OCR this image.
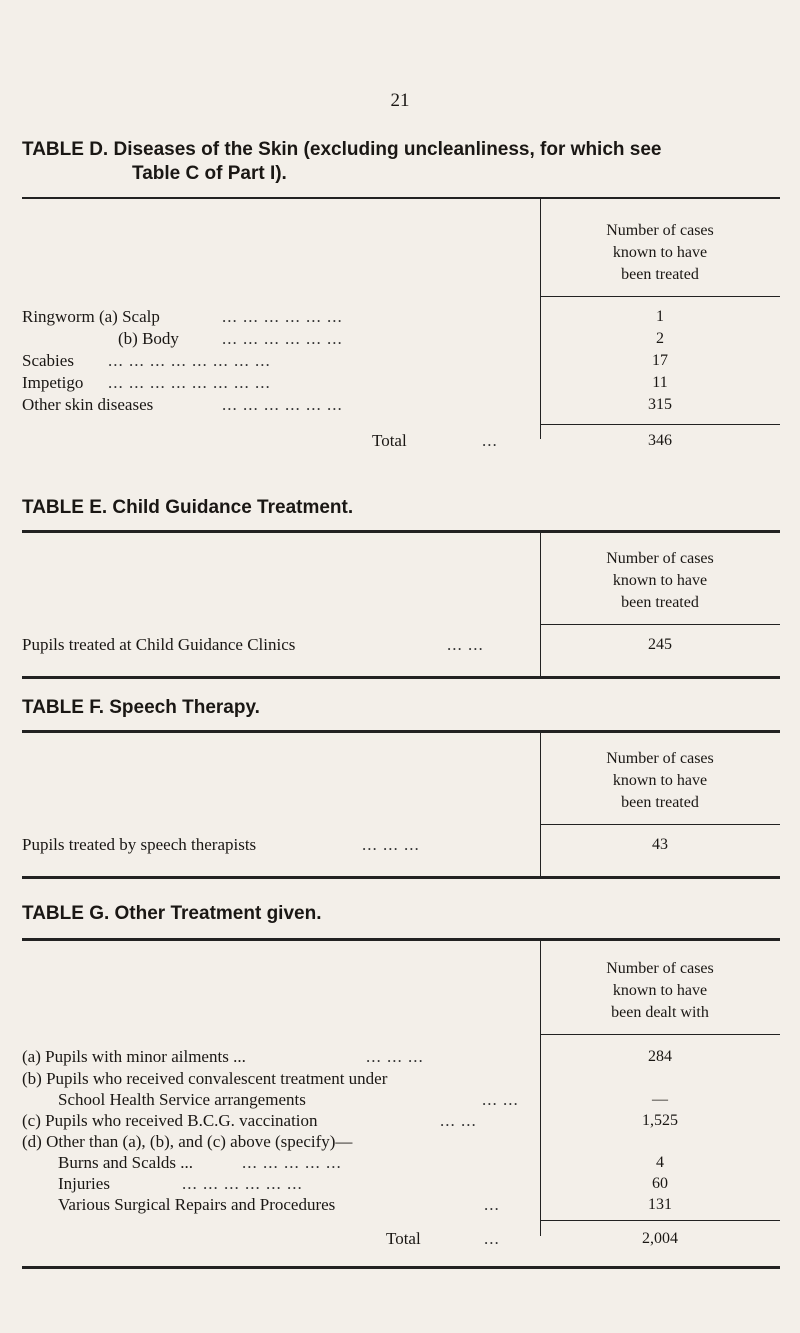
21
TABLE D. Diseases of the Skin (excluding uncleanliness, for which see
Table C of Part I).
Number of cases
known to have
been treated
Ringworm (a) Scalp	... ... ... ... ... ...	1
(b) Body	... ... ... ... ... ...	2
Scabies ... ... ... ... ... ... ... ...	17
Impetigo ... ... ... ... ... ... ... ...	11
Other skin diseases	... ... ... ... ... ...	315
Total	...	346
TABLE E. Child Guidance Treatment.
Number of cases
known to have
been treated
Pupils treated at Child Guidance Clinics	... ...	245
TABLE F. Speech Therapy.
Number of cases
known to have
been treated
Pupils treated by speech therapists	... ... ...	43
TABLE G. Other Treatment given.
Number of cases
known to have
been dealt with
(a) Pupils with minor ailments ...	... ... ...	284
(b) Pupils who received convalescent treatment under
School Health Service arrangements	... ...	—
(c) Pupils who received B.C.G. vaccination	... ...	1,525
(d) Other than (a), (b), and (c) above (specify)—
Burns and Scalds ...	... ... ... ... ...	4
Injuries	... ... ... ... ... ...	60
Various Surgical Repairs and Procedures	...	131
Total	...	2,004
